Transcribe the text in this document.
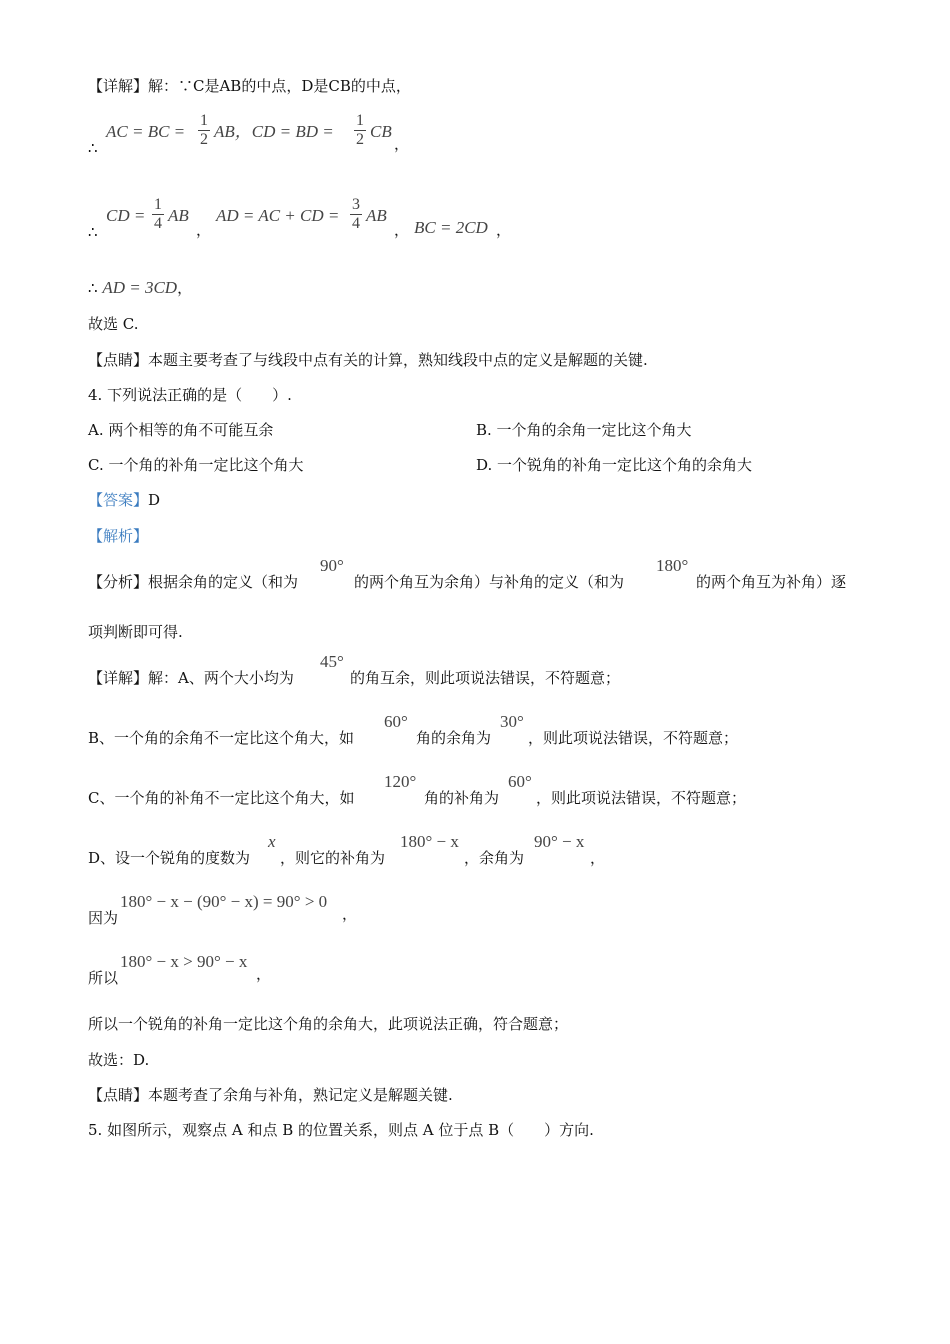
【详解】解：∵C是AB的中点，D是CB的中点，
∴
AC = BC = $\frac{1}{2}$ AB，CD = BD = $\frac{1}{2}$ CB
，
∴
CD = $\frac{1}{4}$ AB
，
AD = AC + CD = $\frac{3}{4}$ AB
， BC = 2CD ，
∴ AD = 3CD，
故选 C.
【点睛】本题主要考查了与线段中点有关的计算，熟知线段中点的定义是解题的关键.
4. 下列说法正确的是（　　）.
A. 两个相等的角不可能互余	B. 一个角的余角一定比这个角大
C. 一个角的补角一定比这个角大	D. 一个锐角的补角一定比这个角的余角大
【答案】D
【解析】
【分析】根据余角的定义（和为
90°
的两个角互为余角）与补角的定义（和为
180°
的两个角互为补角）逐
项判断即可得.
【详解】解：A、两个大小均为
45°
的角互余，则此项说法错误，不符题意；
B、一个角的余角不一定比这个角大，如
60°
角的余角为
30°
，则此项说法错误，不符题意；
C、一个角的补角不一定比这个角大，如
120°
角的补角为
60°
，则此项说法错误，不符题意；
D、设一个锐角的度数为
x
，则它的补角为
180° − x
，余角为
90° − x
，
因为
180° − x − (90° − x) = 90° > 0
，
所以
180° − x > 90° − x
，
所以一个锐角的补角一定比这个角的余角大，此项说法正确，符合题意；
故选：D.
【点睛】本题考查了余角与补角，熟记定义是解题关键.
5. 如图所示，观察点 A 和点 B 的位置关系，则点 A 位于点 B（　　）方向.
